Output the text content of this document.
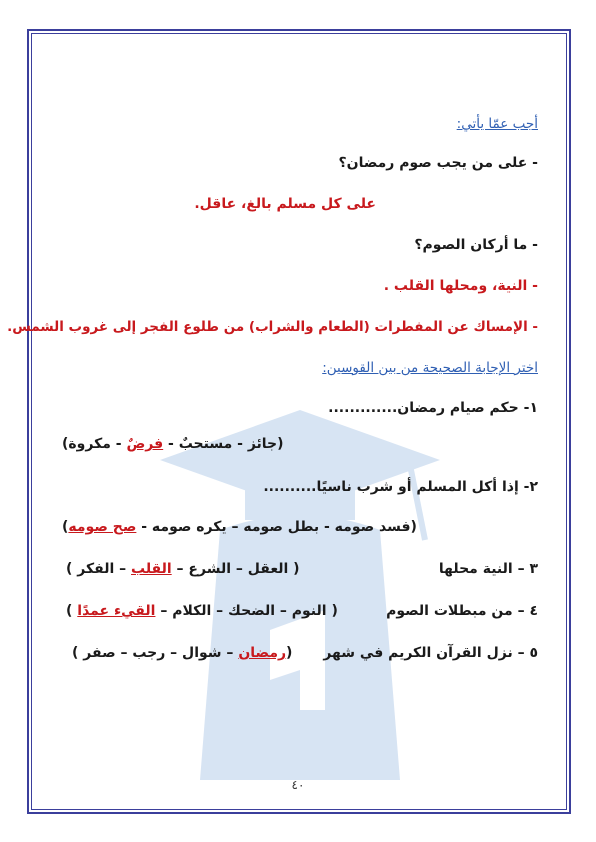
أجب عمّا يأتي:
- على من يجب صوم رمضان؟
على كل مسلم بالغ، عاقل.
- ما أركان الصوم؟
- النية، ومحلها القلب .
- الإمساك عن المفطرات (الطعام والشراب) من طلوع الفجر إلى غروب الشمس.
اختر الإجابة الصحيحة من بين القوسين:
١- حكم صيام رمضان.............
(جائز - مستحبٌ - فرضٌ - مكروة)
٢- إذا أكل المسلم أو شرب ناسيًا..........
(فسد صومه - بطل صومه – يكره صومه - صح صومه)
٣ – النية محلها
( العقل – الشرع – القلب – الفكر )
٤ – من مبطلات الصوم
( النوم – الضحك – الكلام – القيء عمدًا )
٥ – نزل القرآن الكريم في شهر
(رمضان – شوال – رجب – صفر )
٤٠
